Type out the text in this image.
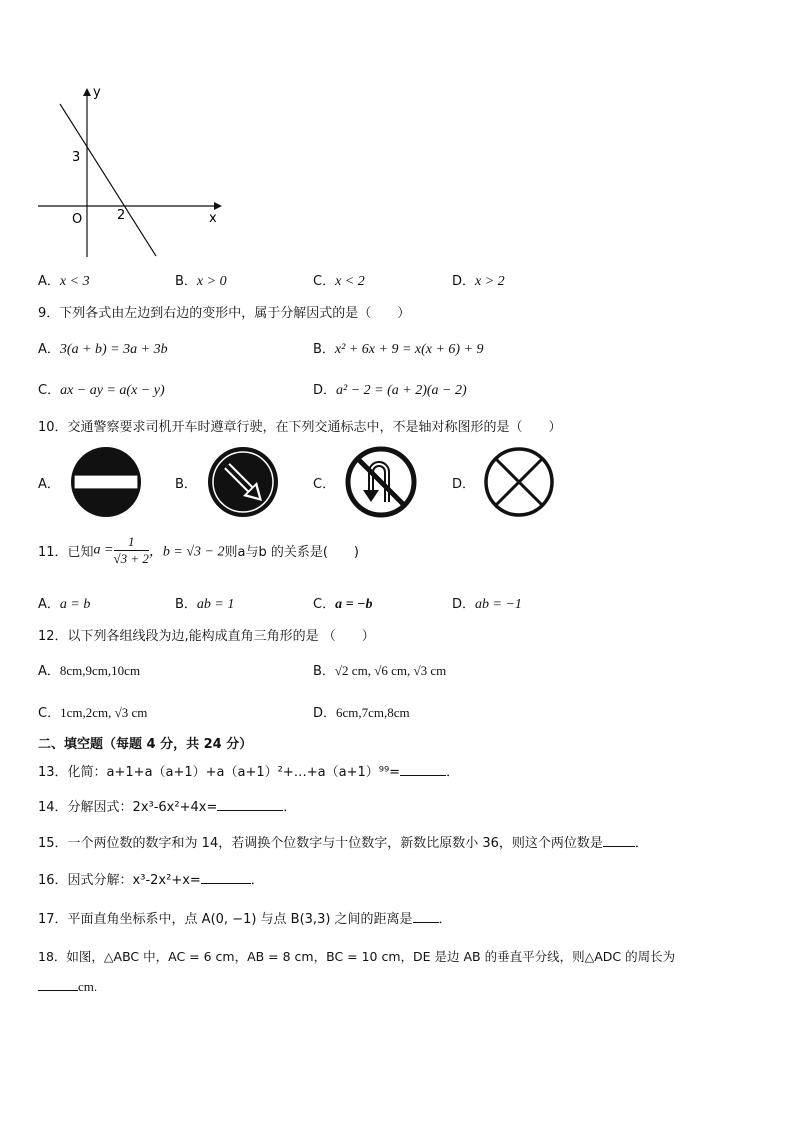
y
x
3
O	2
A．x < 3	B．x > 0	C．x < 2	D．x > 2
9．下列各式由左边到右边的变形中，属于分解因式的是（　　）
A．3(a + b) = 3a + 3b	B．x² + 6x + 9 = x(x + 6) + 9
C．ax − ay = a(x − y)	D．a² − 2 = (a + 2)(a − 2)
10．交通警察要求司机开车时遵章行驶，在下列交通标志中，不是轴对称图形的是（　　）
A．	B．	C．	D．
11．已知$a = \frac{1}{√3 + 2}$ ，b = √3 − 2则a与b 的关系是(　　)
A．a = b	B．ab = 1	C．a = −b	D．ab = −1
12．以下列各组线段为边,能构成直角三角形的是 （　　）
A．8cm,9cm,10cm	B．√2 cm, √6 cm, √3 cm
C．1cm,2cm, √3 cm	D．6cm,7cm,8cm
二、填空题（每题 4 分，共 24 分）
13．化简：a+1+a（a+1）+a（a+1）²+…+a（a+1）⁹⁹=	．
14．分解因式：2x³-6x²+4x=	．
15．一个两位数的数字和为 14，若调换个位数字与十位数字，新数比原数小 36，则这个两位数是 ．
16．因式分解：x³-2x²+x=	．
17．平面直角坐标系中，点 A(0, −1) 与点 B(3,3) 之间的距离是 ．
18．如图，△ABC 中，AC = 6 cm，AB = 8 cm，BC = 10 cm，DE 是边 AB 的垂直平分线，则△ADC 的周长为
cm.
